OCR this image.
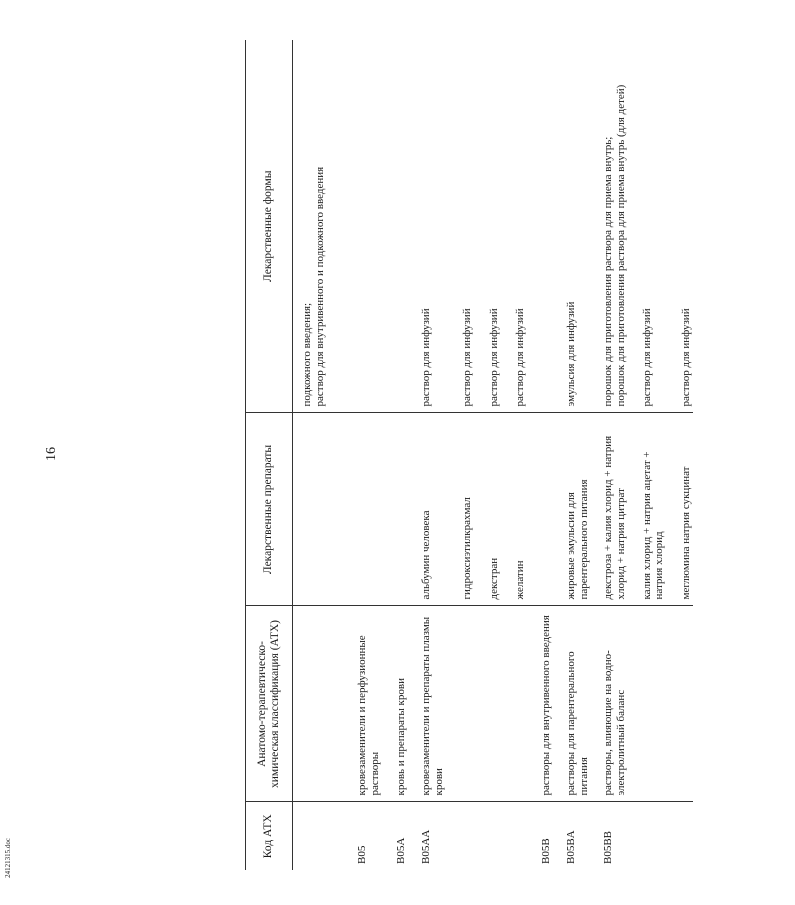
16
24121315.doc	Код АТХ	Анатомо-терапевтическо-химическая классификация (АТХ)	Лекарственные препараты	Лекарственные формы
			подкожного введения;
раствор для внутривенного и подкожного введения
B05	кровезаменители и перфузионные растворы		
B05A	кровь и препараты крови		
B05AA	кровезаменители и препараты плазмы крови	альбумин человека	раствор для инфузий
		гидроксиэтилкрахмал	раствор для инфузий
		декстран	раствор для инфузий
		желатин	раствор для инфузий
B05B	растворы для внутривенного введения		
B05BA	растворы для парентерального питания	жировые эмульсии для парентерального питания	эмульсия для инфузий
B05BB	растворы, влияющие на водно-электролитный баланс	декстроза + калия хлорид + натрия хлорид + натрия цитрат	порошок для приготовления раствора для приема внутрь;
порошок для приготовления раствора для приема внутрь (для детей)
		калия хлорид + натрия ацетат + натрия хлорид	раствор для инфузий
		меглюмина натрия сукцинат	раствор для инфузий
